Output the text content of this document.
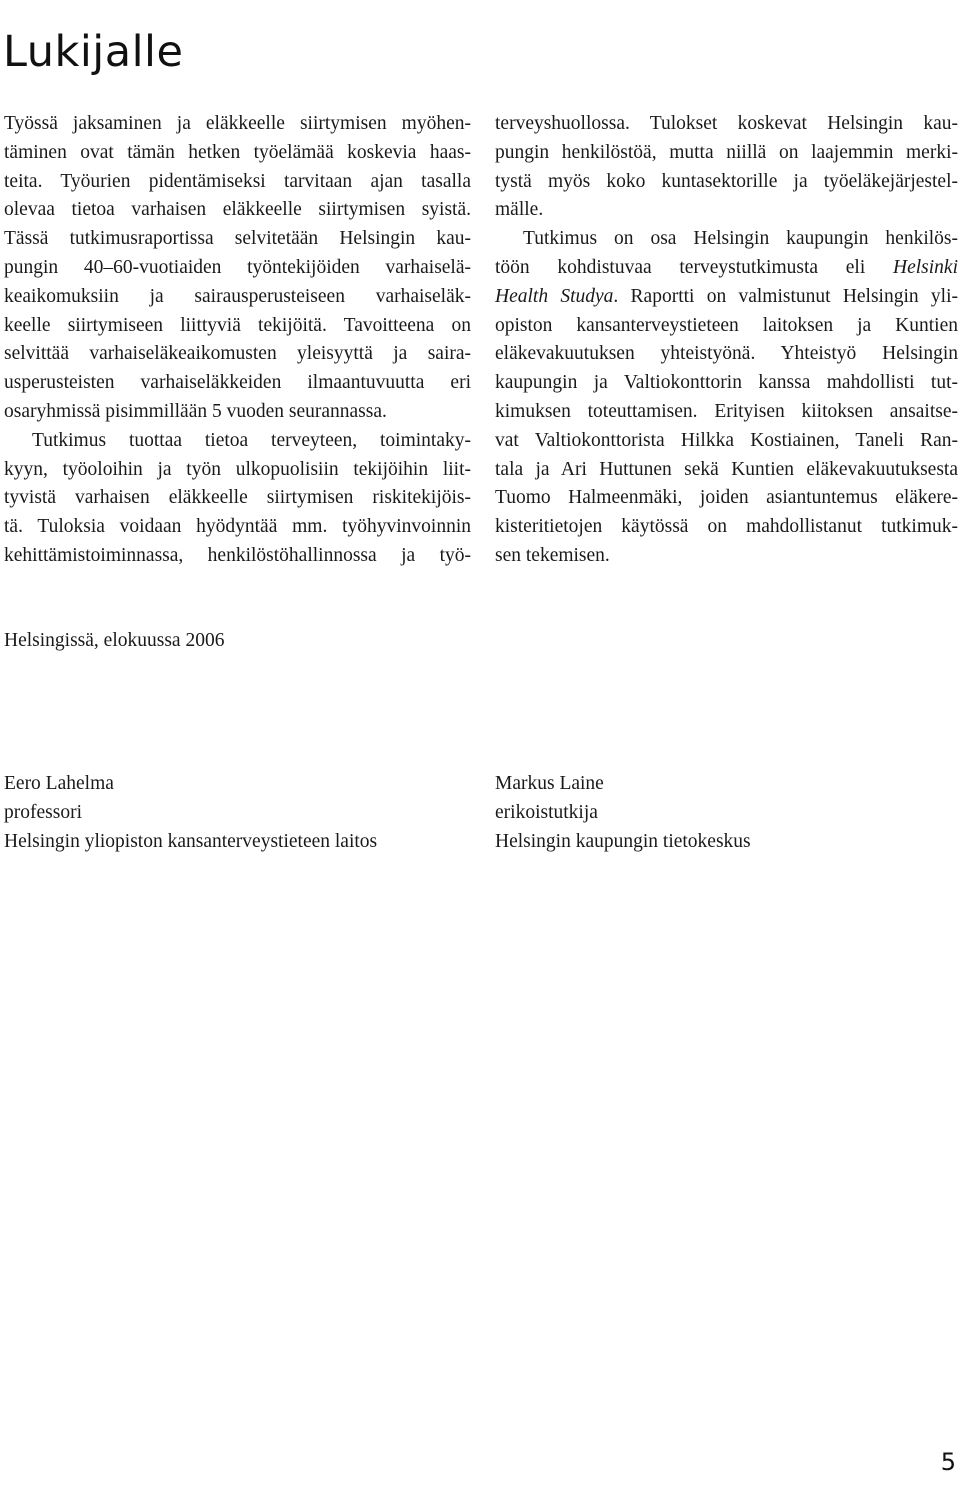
Lukijalle
Työssä jaksaminen ja eläkkeelle siirtymisen myöhen-
täminen ovat tämän hetken työelämää koskevia haas-
teita. Työurien pidentämiseksi tarvitaan ajan tasalla
olevaa tietoa varhaisen eläkkeelle siirtymisen syistä.
Tässä tutkimusraportissa selvitetään Helsingin kau-
pungin 40–60-vuotiaiden työntekijöiden varhaiselä-
keaikomuksiin ja sairausperusteiseen varhaiseläk-
keelle siirtymiseen liittyviä tekijöitä. Tavoitteena on
selvittää varhaiseläkeaikomusten yleisyyttä ja saira-
usperusteisten varhaiseläkkeiden ilmaantuvuutta eri
osaryhmissä pisimmillään 5 vuoden seurannassa.
Tutkimus tuottaa tietoa terveyteen, toimintaky-
kyyn, työoloihin ja työn ulkopuolisiin tekijöihin liit-
tyvistä varhaisen eläkkeelle siirtymisen riskitekijöis-
tä. Tuloksia voidaan hyödyntää mm. työhyvinvoinnin
kehittämistoiminnassa, henkilöstöhallinnossa ja työ-
terveyshuollossa. Tulokset koskevat Helsingin kau-
pungin henkilöstöä, mutta niillä on laajemmin merki-
tystä myös koko kuntasektorille ja työeläkejärjestel-
mälle.
Tutkimus on osa Helsingin kaupungin henkilös-
töön kohdistuvaa terveystutkimusta eli Helsinki
Health Studya. Raportti on valmistunut Helsingin yli-
opiston kansanterveystieteen laitoksen ja Kuntien
eläkevakuutuksen yhteistyönä. Yhteistyö Helsingin
kaupungin ja Valtiokonttorin kanssa mahdollisti tut-
kimuksen toteuttamisen. Erityisen kiitoksen ansaitse-
vat Valtiokonttorista Hilkka Kostiainen, Taneli Ran-
tala ja Ari Huttunen sekä Kuntien eläkevakuutuksesta
Tuomo Halmeenmäki, joiden asiantuntemus eläkere-
kisteritietojen käytössä on mahdollistanut tutkimuk-
sen tekemisen.
Helsingissä, elokuussa 2006
Eero Lahelma
professori
Helsingin yliopiston kansanterveystieteen laitos
Markus Laine
erikoistutkija
Helsingin kaupungin tietokeskus
5
